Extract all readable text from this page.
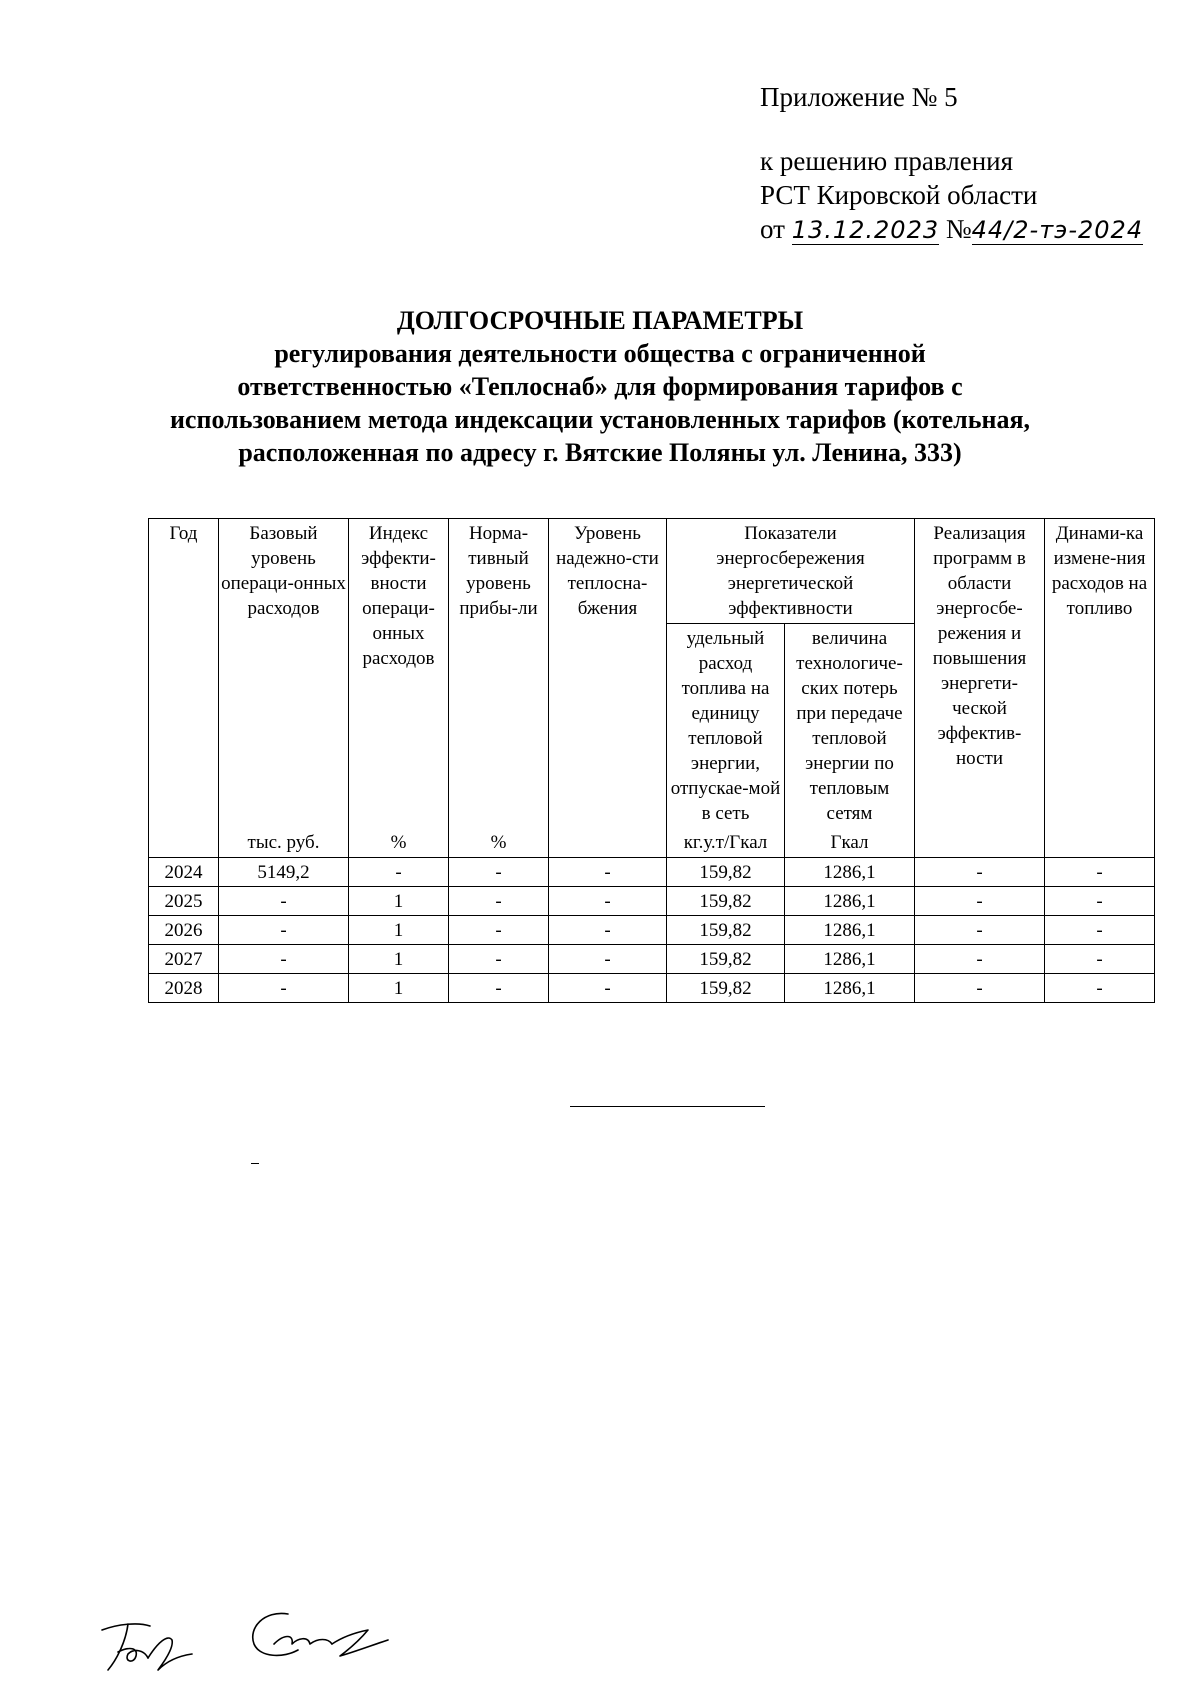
Приложение № 5
к решению правления
РСТ Кировской области
от 13.12.2023 №44/2-тэ-2024
ДОЛГОСРОЧНЫЕ ПАРАМЕТРЫ
регулирования деятельности общества с ограниченной
ответственностью «Теплоснаб» для формирования тарифов с
использованием метода индексации установленных тарифов (котельная,
расположенная по адресу г. Вятские Поляны ул. Ленина, 333)
Год	Базовый уровень операци-онных расходов	Индекс эффекти-вности операци-онных расходов	Норма-тивный уровень прибы-ли	Уровень надежно-сти теплосна-бжения	Показатели энергосбережения энергетической эффективности		Реализация программ в области энергосбе-режения и повышения энергети-ческой эффектив-ности	Динами-ка измене-ния расходов на топливо
					удельный расход топлива на единицу тепловой энергии, отпускае-мой в сеть	величина технологиче-ских потерь при передаче тепловой энергии по тепловым сетям		
	тыс. руб.	%	%		кг.у.т/Гкал	Гкал		
2024	5149,2	-	-	-	159,82	1286,1	-	-
2025	-	1	-	-	159,82	1286,1	-	-
2026	-	1	-	-	159,82	1286,1	-	-
2027	-	1	-	-	159,82	1286,1	-	-
2028	-	1	-	-	159,82	1286,1	-	-
